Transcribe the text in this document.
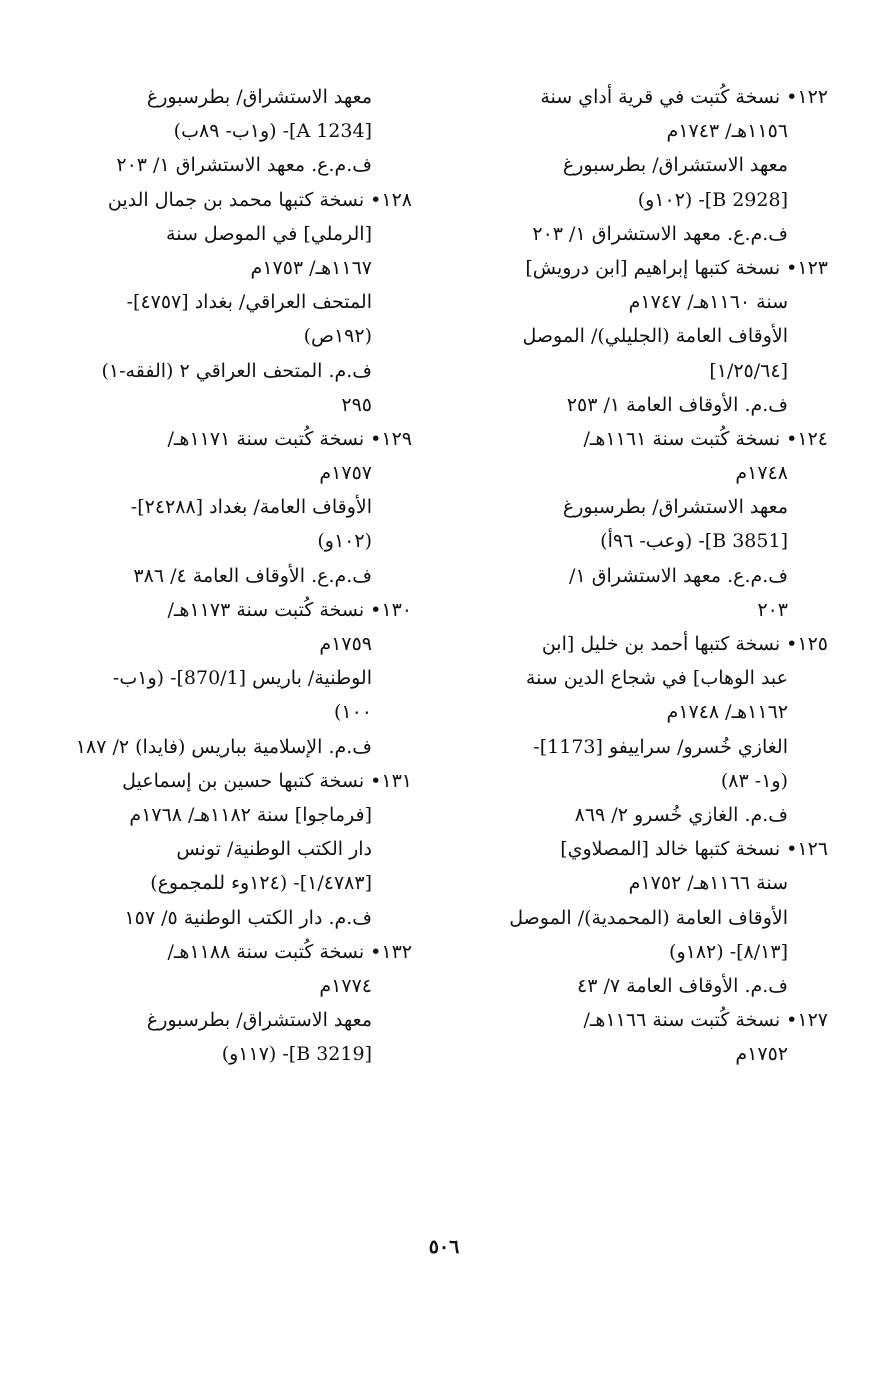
١٢٢• نسخة كُتبت في قرية أداي سنة
١١٥٦هـ/ ١٧٤٣م
معهد الاستشراق/ بطرسبورغ
[B 2928]- (١٠٢و)
ف.م.ع. معهد الاستشراق ١/ ٢٠٣
١٢٣• نسخة كتبها إبراهيم [ابن درويش]
سنة ١١٦٠هـ/ ١٧٤٧م
الأوقاف العامة (الجليلي)/ الموصل
[١/٢٥/٦٤]
ف.م. الأوقاف العامة ١/ ٢٥٣
١٢٤• نسخة كُتبت سنة ١١٦١هـ/
١٧٤٨م
معهد الاستشراق/ بطرسبورغ
[B 3851]- (وعب- ٩٦أ)
ف.م.ع. معهد الاستشراق ١/
٢٠٣
١٢٥• نسخة كتبها أحمد بن خليل [ابن
عبد الوهاب] في شجاع الدين سنة
١١٦٢هـ/ ١٧٤٨م
الغازي خُسرو/ سراييفو [1173]-
(و١- ٨٣)
ف.م. الغازي خُسرو ٢/ ٨٦٩
١٢٦• نسخة كتبها خالد [المصلاوي]
سنة ١١٦٦هـ/ ١٧٥٢م
الأوقاف العامة (المحمدية)/ الموصل
[٨/١٣]- (١٨٢و)
ف.م. الأوقاف العامة ٧/ ٤٣
١٢٧• نسخة كُتبت سنة ١١٦٦هـ/
١٧٥٢م
معهد الاستشراق/ بطرسبورغ
[A 1234]- (و١ب- ٨٩ب)
ف.م.ع. معهد الاستشراق ١/ ٢٠٣
١٢٨• نسخة كتبها محمد بن جمال الدين
[الرملي] في الموصل سنة
١١٦٧هـ/ ١٧٥٣م
المتحف العراقي/ بغداد [٤٧٥٧]-
(١٩٢ص)
ف.م. المتحف العراقي ٢ (الفقه-١)
٢٩٥
١٢٩• نسخة كُتبت سنة ١١٧١هـ/
١٧٥٧م
الأوقاف العامة/ بغداد [٢٤٢٨٨]-
(١٠٢و)
ف.م.ع. الأوقاف العامة ٤/ ٣٨٦
١٣٠• نسخة كُتبت سنة ١١٧٣هـ/
١٧٥٩م
الوطنية/ باريس [870/1]- (و١ب-
١٠٠)
ف.م. الإسلامية بباريس (فايدا) ٢/ ١٨٧
١٣١• نسخة كتبها حسين بن إسماعيل
[فرماجوا] سنة ١١٨٢هـ/ ١٧٦٨م
دار الكتب الوطنية/ تونس
[١/٤٧٨٣]- (١٢٤وء للمجموع)
ف.م. دار الكتب الوطنية ٥/ ١٥٧
١٣٢• نسخة كُتبت سنة ١١٨٨هـ/
١٧٧٤م
معهد الاستشراق/ بطرسبورغ
[B 3219]- (١١٧و)
٥٠٦
